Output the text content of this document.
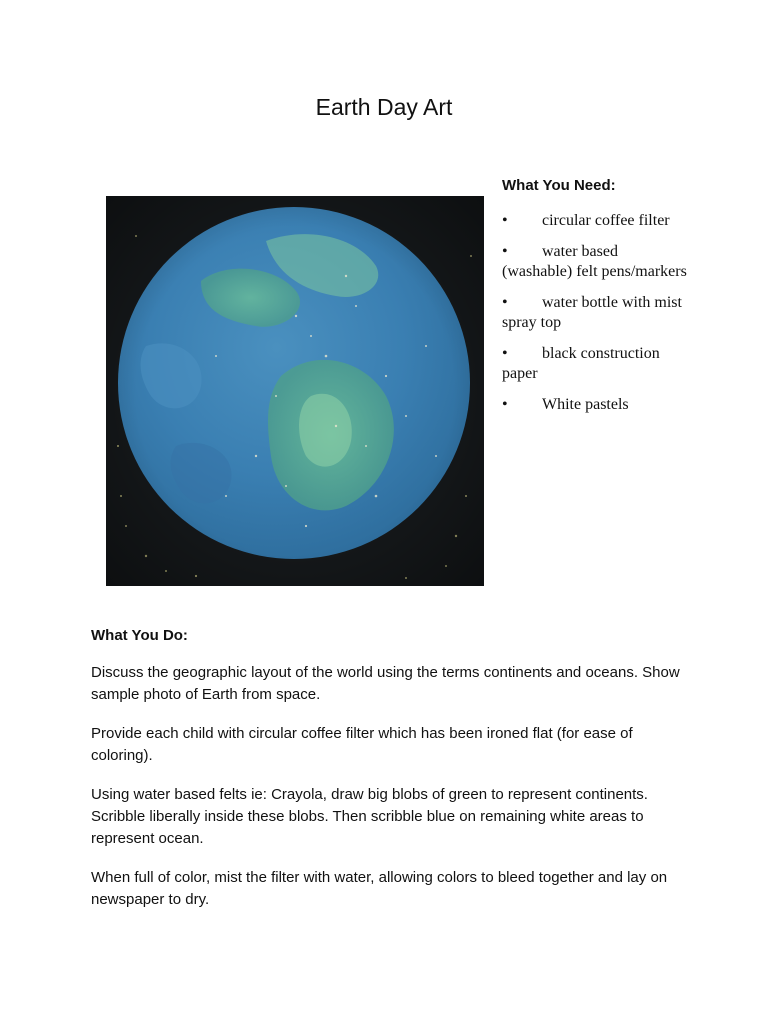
Earth Day Art
What You Need:
• circular coffee filter
• water based (washable) felt pens/markers
• water bottle with mist spray top
• black construction paper
• White pastels
What You Do:

Discuss the geographic layout of the world using the terms continents and oceans. Show sample photo of Earth from space.

Provide each child with circular coffee filter which has been ironed flat (for ease of coloring).

Using water based felts ie: Crayola, draw big blobs of green to represent continents. Scribble liberally inside these blobs. Then scribble blue on remaining white areas to represent ocean.

When full of color, mist the filter with water, allowing colors to bleed together and lay on newspaper to dry.
